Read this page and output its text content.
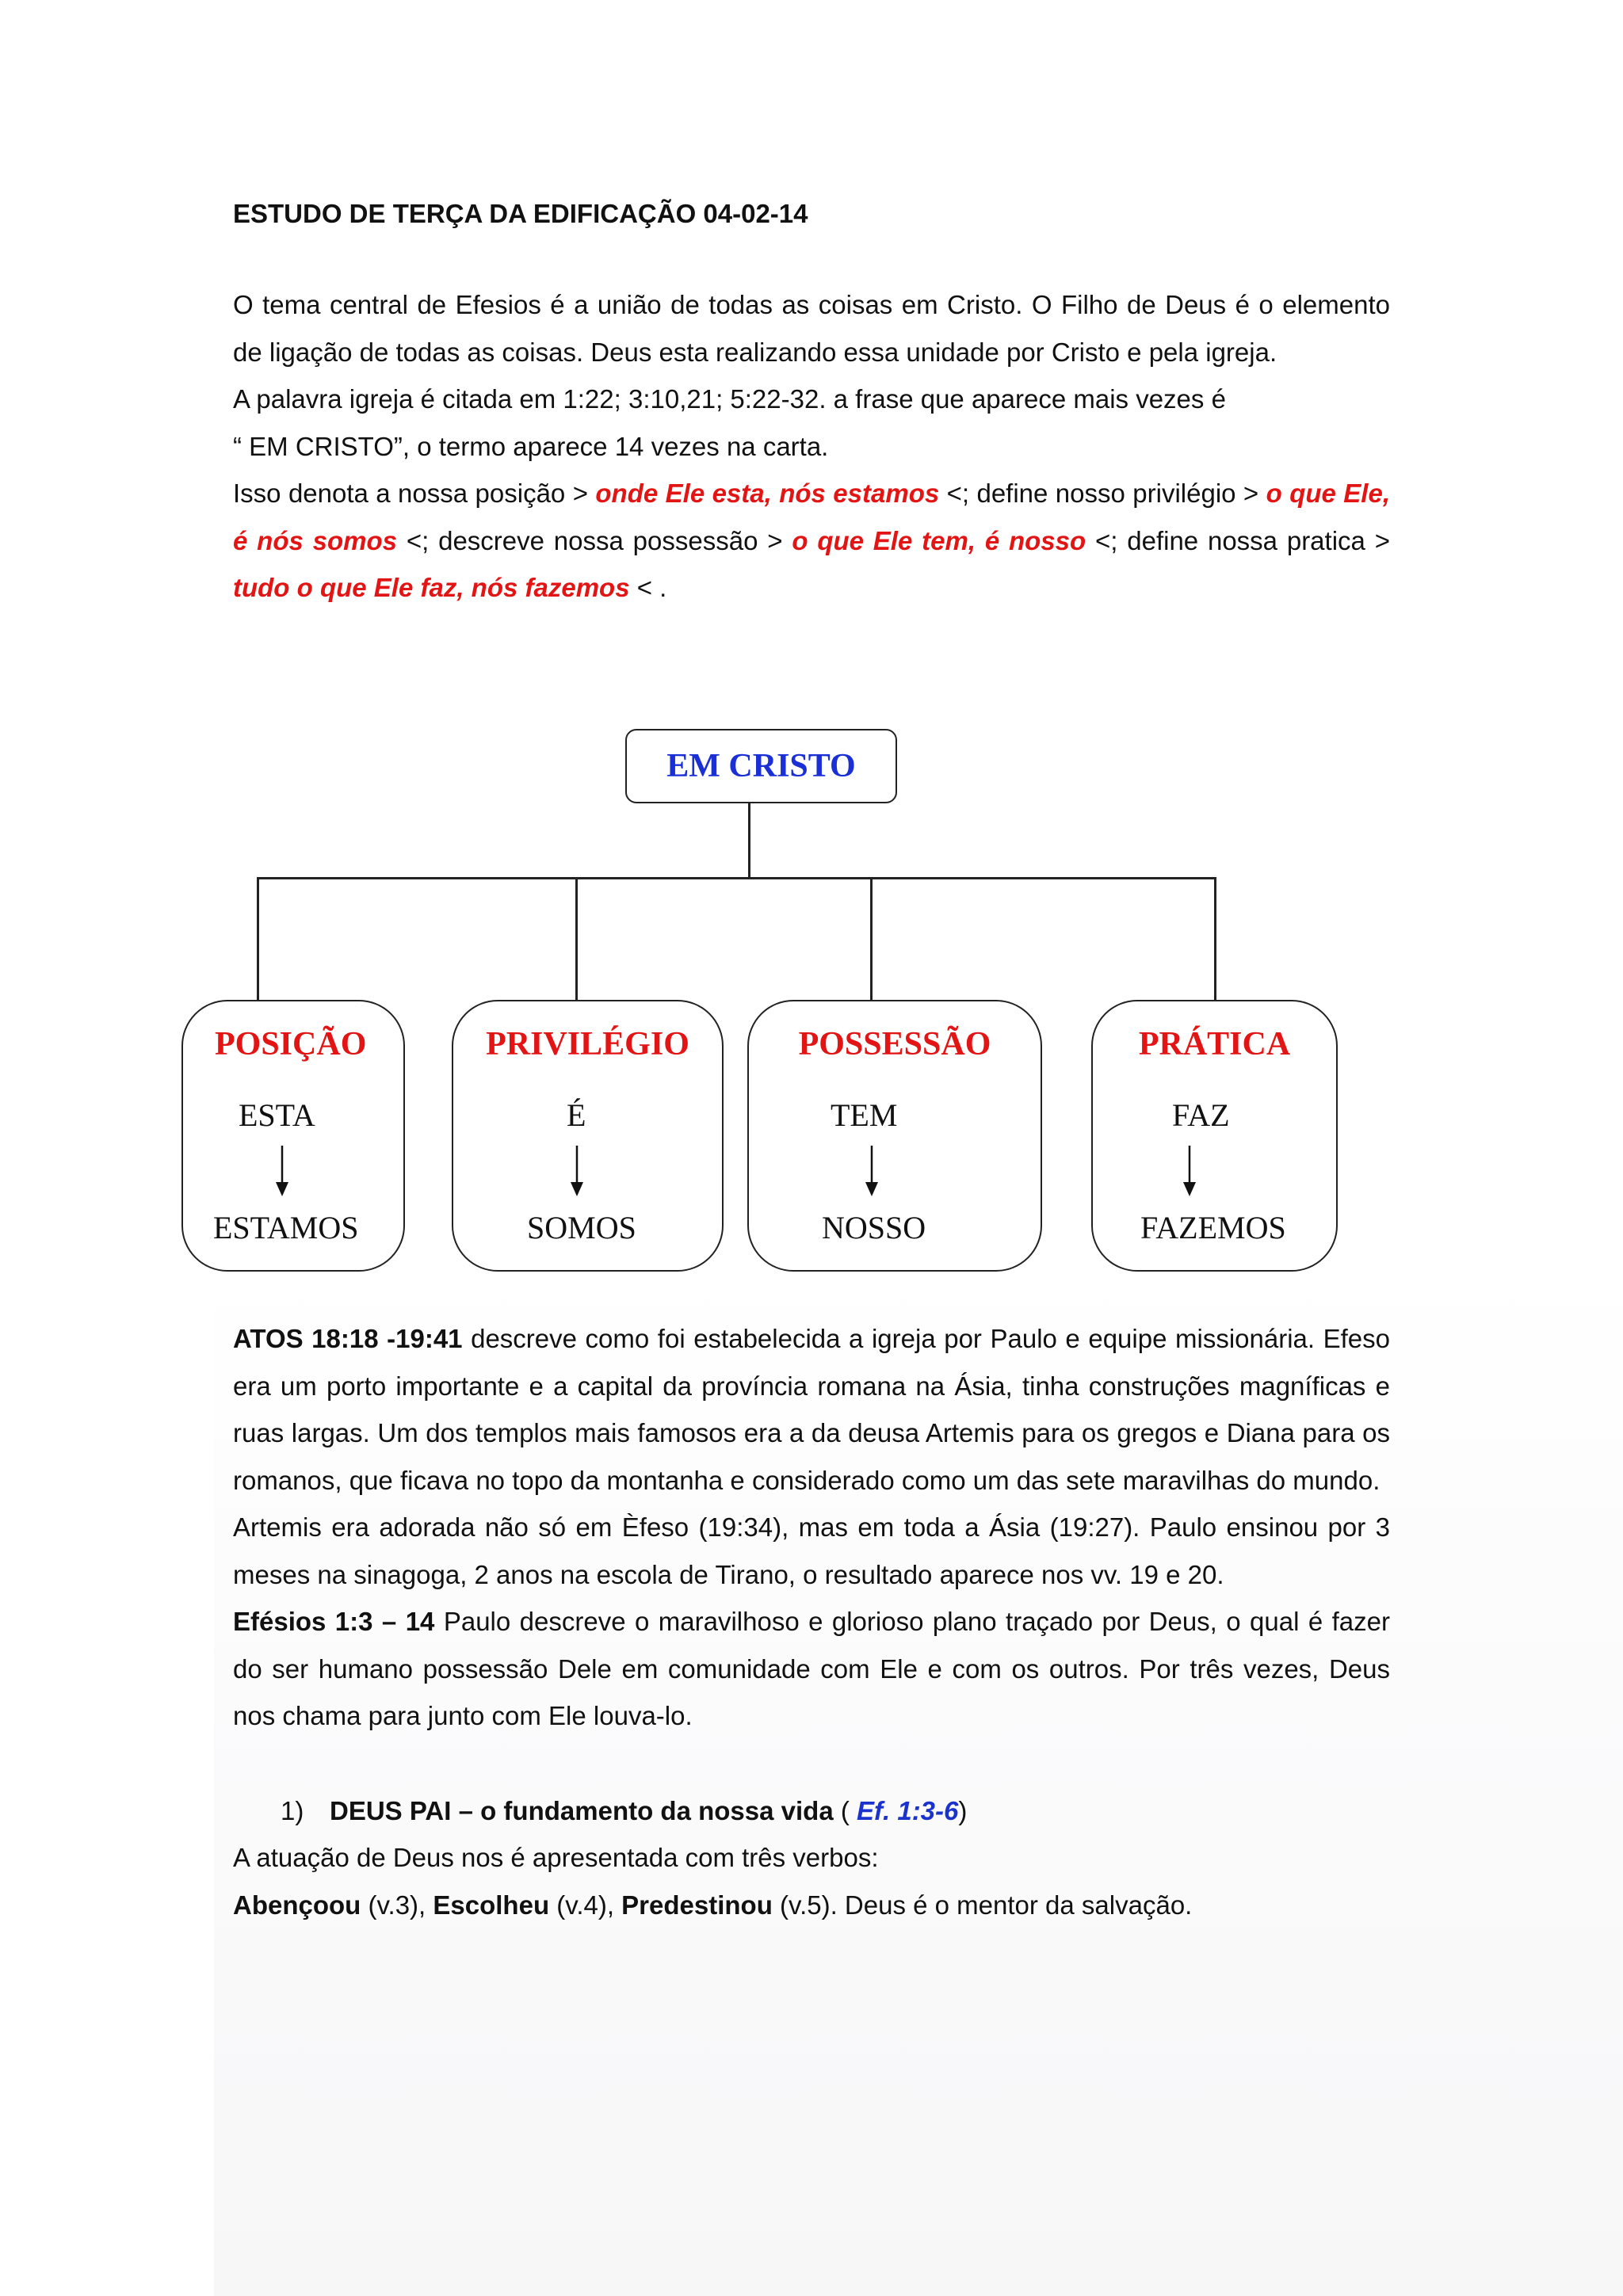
ESTUDO DE TERÇA DA EDIFICAÇÃO 04-02-14

O tema central de Efesios é a união de todas as coisas em Cristo. O Filho de Deus é o elemento de ligação de todas as coisas. Deus esta realizando essa unidade por Cristo e pela igreja.

A palavra igreja é citada em 1:22; 3:10,21; 5:22-32. a frase que aparece mais vezes é

“ EM CRISTO”, o termo aparece 14 vezes na carta.

Isso denota a nossa posição > onde Ele esta, nós estamos <; define nosso privilégio > o que Ele, é nós somos <; descreve nossa possessão > o que Ele tem, é nosso <; define nossa pratica > tudo o que Ele faz, nós fazemos < .

EM CRISTO
POSIÇÃO
ESTA
ESTAMOS
PRIVILÉGIO
É
SOMOS
POSSESSÃO
TEM
NOSSO
PRÁTICA
FAZ
FAZEMOS

ATOS 18:18 -19:41 descreve como foi estabelecida a igreja por Paulo e equipe missionária. Efeso era um porto importante e a capital da província romana na Ásia, tinha construções magníficas e ruas largas. Um dos templos mais famosos era a da deusa Artemis para os gregos e Diana para os romanos, que ficava no topo da montanha e considerado como um das sete maravilhas do mundo.

Artemis era adorada não só em Èfeso (19:34), mas em toda a Ásia (19:27). Paulo ensinou por 3 meses na sinagoga, 2 anos na escola de Tirano, o resultado aparece nos vv. 19 e 20.

Efésios 1:3 – 14 Paulo descreve o maravilhoso e glorioso plano traçado por Deus, o qual é fazer do ser humano possessão Dele em comunidade com Ele e com os outros. Por três vezes, Deus nos chama para junto com Ele louva-lo.

1) DEUS PAI – o fundamento da nossa vida ( Ef. 1:3-6)

A atuação de Deus nos é apresentada com três verbos:

Abençoou (v.3), Escolheu (v.4), Predestinou (v.5). Deus é o mentor da salvação.
